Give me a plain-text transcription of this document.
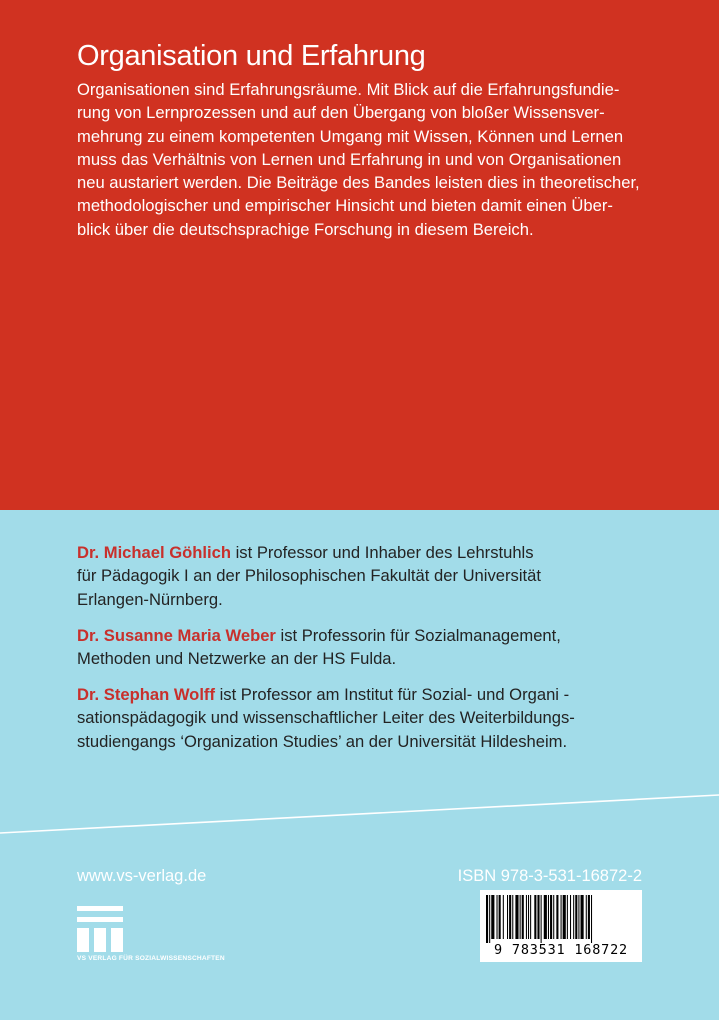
Organisation und Erfahrung

Organisationen sind Erfahrungsräume. Mit Blick auf die Erfahrungsfundie-
rung von Lernprozessen und auf den Übergang von bloßer Wissensver-
mehrung zu einem kompetenten Umgang mit Wissen, Können und Lernen
muss das Verhältnis von Lernen und Erfahrung in und von Organisationen
neu austariert werden. Die Beiträge des Bandes leisten dies in theoretischer,
methodologischer und empirischer Hinsicht und bieten damit einen Über-
blick über die deutschsprachige Forschung in diesem Bereich.

Dr. Michael Göhlich ist Professor und Inhaber des Lehrstuhls
für Pädagogik I an der Philosophischen Fakultät der Universität
Erlangen-Nürnberg.

Dr. Susanne Maria Weber ist Professorin für Sozialmanagement,
Methoden und Netzwerke an der HS Fulda.

Dr. Stephan Wolff ist Professor am Institut für Sozial- und Organi -
sationspädagogik und wissenschaftlicher Leiter des Weiterbildungs-
studiengangs ‘Organization Studies’ an der Universität Hildesheim.

www.vs-verlag.de	ISBN 978-3-531-16872-2
VS VERLAG FÜR SOZIALWISSENSCHAFTEN
9 783531 168722
